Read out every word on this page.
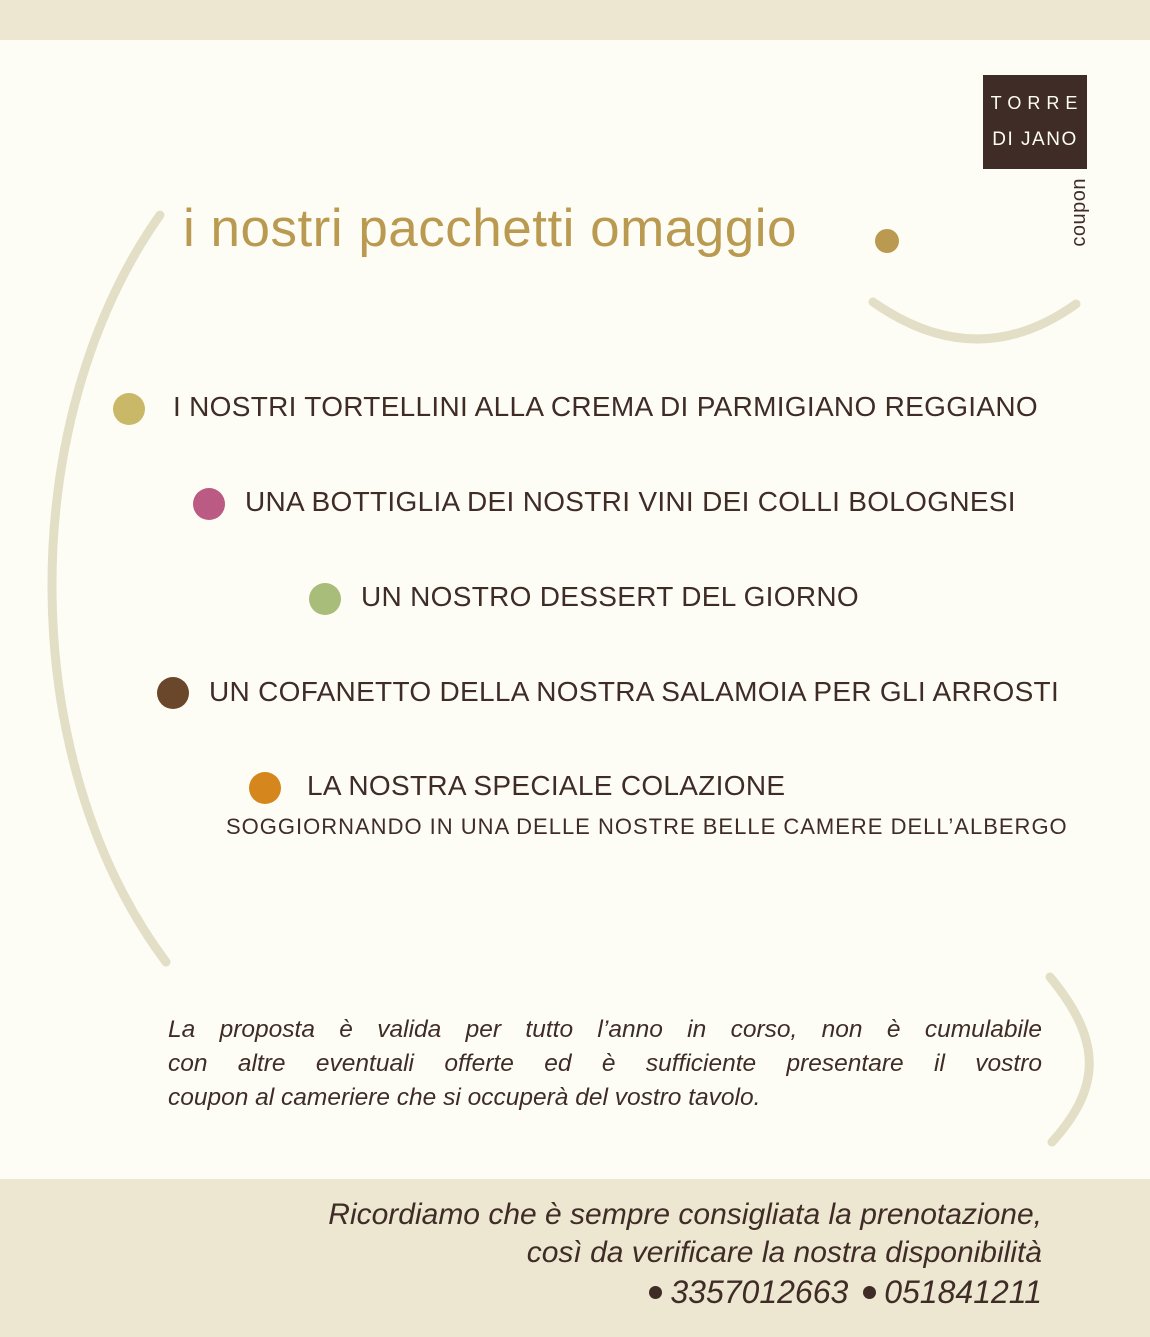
TORRE
DI JANO
coupon
i nostri pacchetti omaggio
I NOSTRI TORTELLINI ALLA CREMA DI PARMIGIANO REGGIANO
UNA BOTTIGLIA DEI NOSTRI VINI DEI COLLI BOLOGNESI
UN NOSTRO DESSERT DEL GIORNO
UN COFANETTO DELLA NOSTRA SALAMOIA PER GLI ARROSTI
LA NOSTRA SPECIALE COLAZIONE
SOGGIORNANDO IN UNA DELLE NOSTRE BELLE CAMERE DELL’ALBERGO
La proposta è valida per tutto l’anno in corso, non è cumulabile
con altre eventuali offerte ed è sufficiente presentare il vostro
coupon al cameriere che si occuperà del vostro tavolo.
Ricordiamo che è sempre consigliata la prenotazione,
così da verificare la nostra disponibilità
3357012663 051841211
